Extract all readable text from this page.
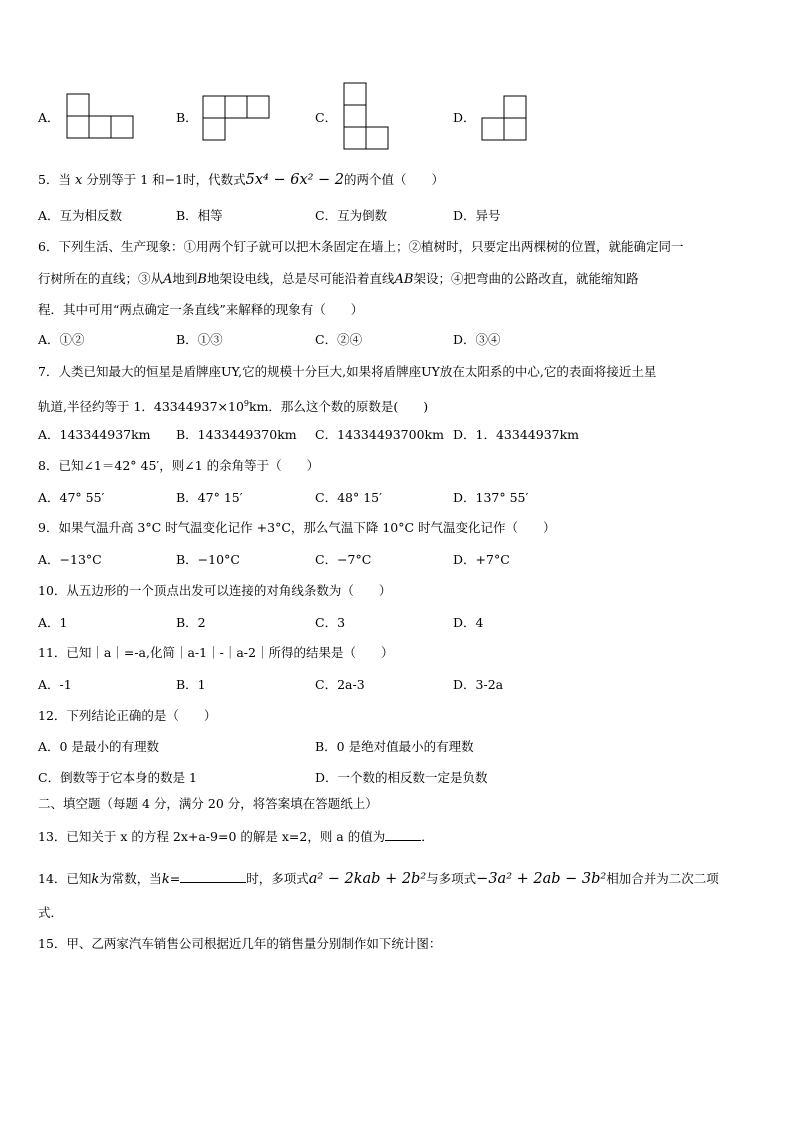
A．	B．	C．	D．
5．当 x 分别等于 1 和−1时，代数式5x⁴ − 6x² − 2的两个值（　　）
A．互为相反数	B．相等	C．互为倒数	D．异号
6．下列生活、生产现象：①用两个钉子就可以把木条固定在墙上；②植树时，只要定出两棵树的位置，就能确定同一
行树所在的直线；③从A地到B地架设电线，总是尽可能沿着直线AB架设；④把弯曲的公路改直，就能缩知路
程．其中可用“两点确定一条直线”来解释的现象有（　　）
A．①②	B．①③	C．②④	D．③④
7．人类已知最大的恒星是盾牌座UY,它的规模十分巨大,如果将盾牌座UY放在太阳系的中心,它的表面将接近土星
轨道,半径约等于 1．$43344937\times 10^9km$．那么这个数的原数是(　　)
A．143344937km B．1433449370km C．14334493700km D．1．43344937km
8．已知∠1＝42° 45′，则∠1 的余角等于（　　）
A．47° 55′	B．47° 15′	C．48° 15′	D．137° 55′
9．如果气温升高 3°C 时气温变化记作 +3°C，那么气温下降 10°C 时气温变化记作（　　）
A．−13°C	B．−10°C	C．−7°C	D．+7°C
10．从五边形的一个顶点出发可以连接的对角线条数为（　　）
A．1	B．2	C．3	D．4
11．已知｜a｜=-a,化简｜a-1｜-｜a-2｜所得的结果是（　　）
A．-1	B．1	C．2a-3	D．3-2a
12．下列结论正确的是（　　）
A．0 是最小的有理数	B．0 是绝对值最小的有理数
C．倒数等于它本身的数是 1	D．一个数的相反数一定是负数
二、填空题（每题 4 分，满分 20 分，将答案填在答题纸上）
13．已知关于 x 的方程 2x+a-9=0 的解是 x=2，则 a 的值为	．
14．已知k为常数，当k=	时，多项式a² − 2kab + 2b²与多项式−3a² + 2ab − 3b²相加合并为二次二项
式．
15．甲、乙两家汽车销售公司根据近几年的销售量分别制作如下统计图：
